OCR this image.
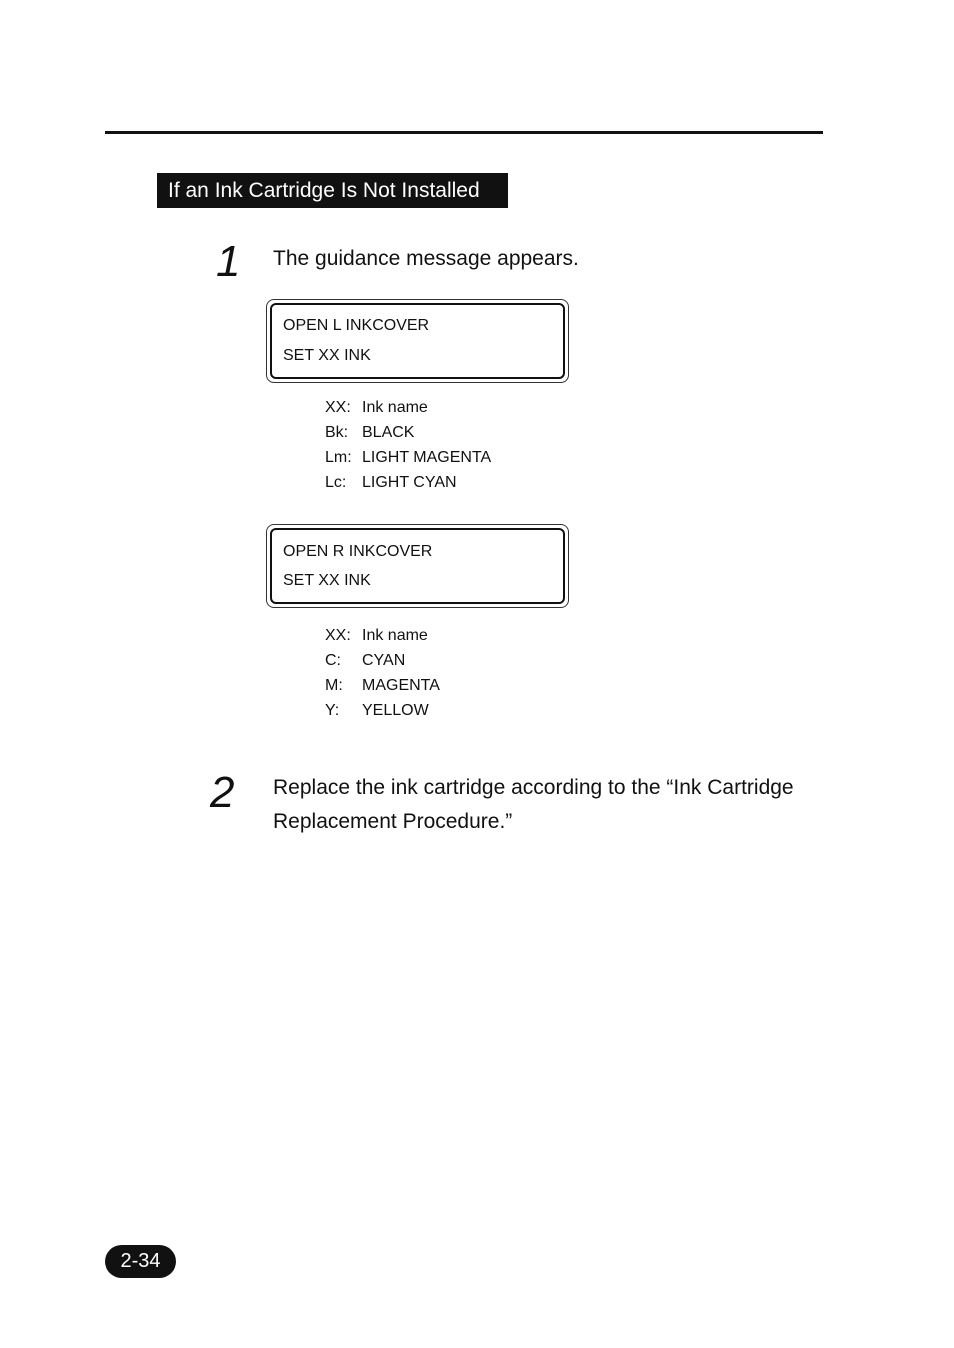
If an Ink Cartridge Is Not Installed
1 The guidance message appears.
OPEN L INKCOVER
SET XX INK
XX: Ink name
Bk: BLACK
Lm: LIGHT MAGENTA
Lc: LIGHT CYAN
OPEN R INKCOVER
SET XX INK
XX: Ink name
C: CYAN
M: MAGENTA
Y: YELLOW
2 Replace the ink cartridge according to the “Ink Cartridge
Replacement Procedure.”
2-34
